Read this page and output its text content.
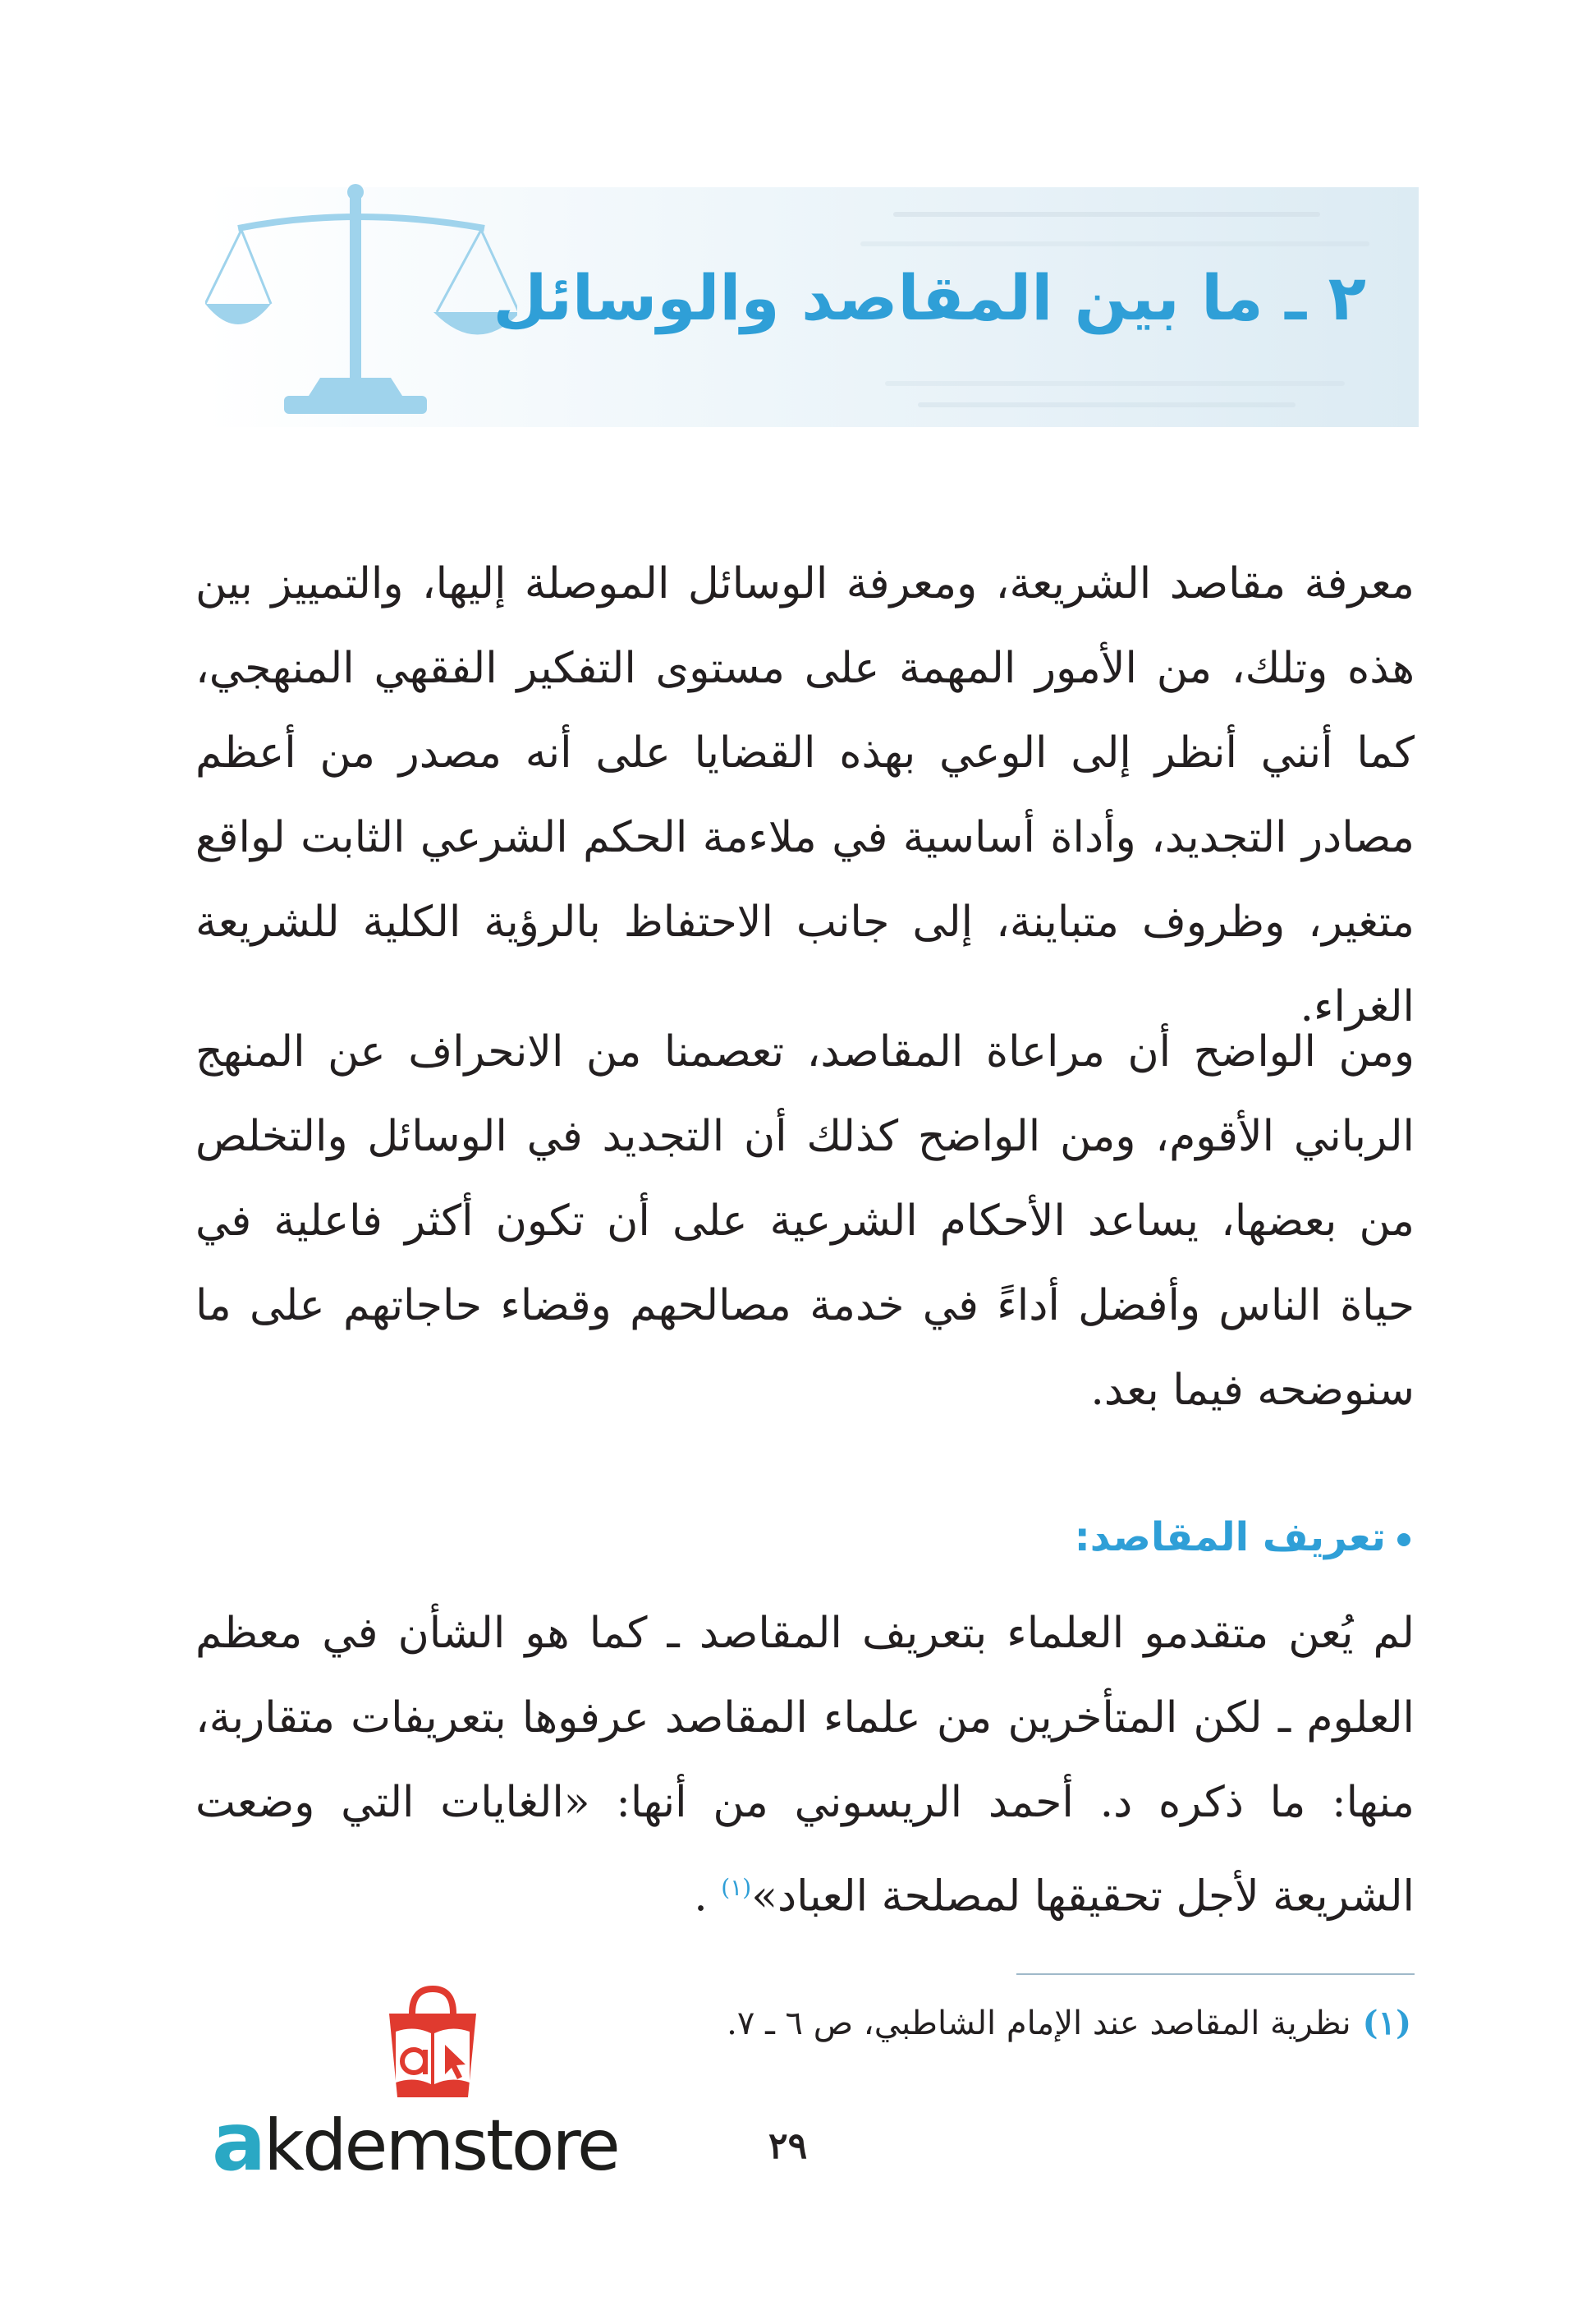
٢ ـ ما بين المقاصد والوسائل

معرفة مقاصد الشريعة، ومعرفة الوسائل الموصلة إليها، والتمييز بين هذه وتلك، من الأمور المهمة على مستوى التفكير الفقهي المنهجي، كما أنني أنظر إلى الوعي بهذه القضايا على أنه مصدر من أعظم مصادر التجديد، وأداة أساسية في ملاءمة الحكم الشرعي الثابت لواقع متغير، وظروف متباينة، إلى جانب الاحتفاظ بالرؤية الكلية للشريعة الغراء.

ومن الواضح أن مراعاة المقاصد، تعصمنا من الانحراف عن المنهج الرباني الأقوم، ومن الواضح كذلك أن التجديد في الوسائل والتخلص من بعضها، يساعد الأحكام الشرعية على أن تكون أكثر فاعلية في حياة الناس وأفضل أداءً في خدمة مصالحهم وقضاء حاجاتهم على ما سنوضحه فيما بعد.

تعريف المقاصد:

لم يُعن متقدمو العلماء بتعريف المقاصد ـ كما هو الشأن في معظم العلوم ـ لكن المتأخرين من علماء المقاصد عرفوها بتعريفات متقاربة، منها: ما ذكره د. أحمد الريسوني من أنها: «الغايات التي وضعت الشريعة لأجل تحقيقها لمصلحة العباد»$^{(١)}$ .

(١)نظرية المقاصد عند الإمام الشاطبي، ص ٦ ـ ٧.

٢٩
akdemstore
